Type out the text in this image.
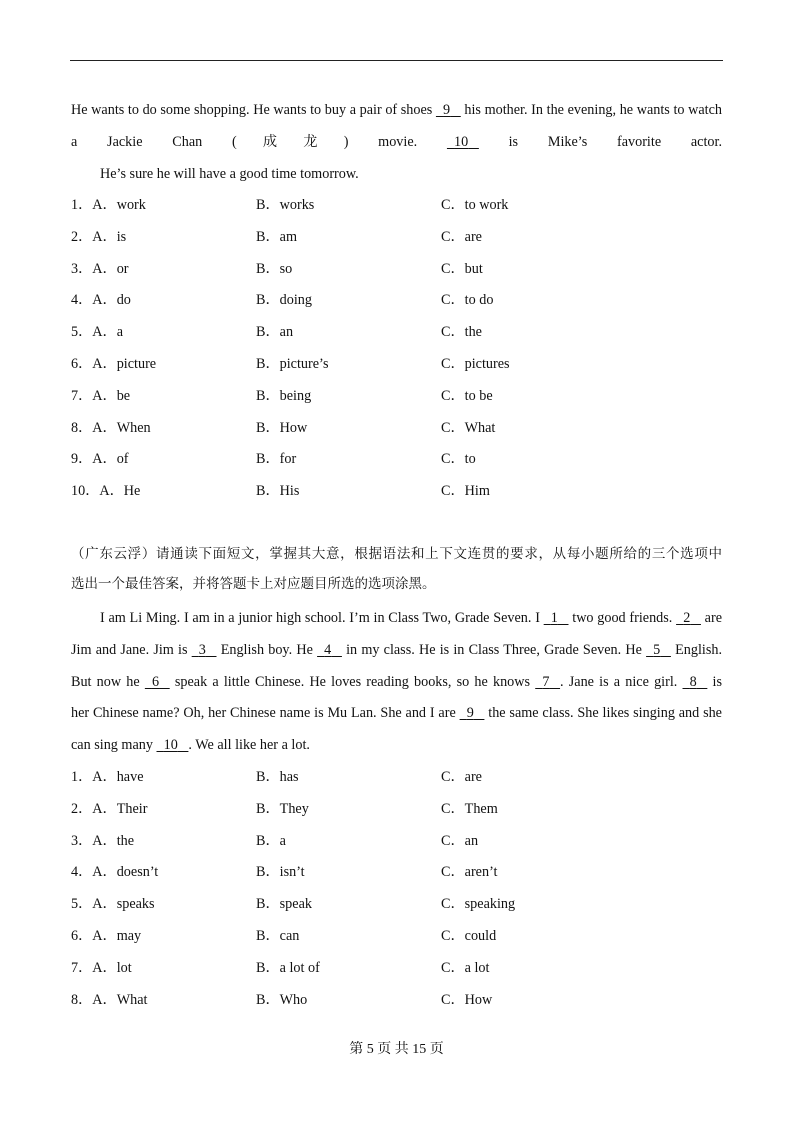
He wants to do some shopping. He wants to buy a pair of shoes   9    his mother. In the evening, he wants to watch
a Jackie Chan (成龙) movie.   10    is Mike’s favorite actor.
He’s sure he will have a good time tomorrow.
1．A．work	B．works	C．to work
2．A．is	B．am	C．are
3．A．or	B．so	C．but
4．A．do	B．doing	C．to do
5．A．a	B．an	C．the
6．A．picture	B．picture’s	C．pictures
7．A．be	B．being	C．to be
8．A．When	B．How	C．What
9．A．of	B．for	C．to
10．A．He	B．His	C．Him
（广东云浮）请通读下面短文，掌握其大意，根据语法和上下文连贯的要求，从每小题所给的三个选项中
选出一个最佳答案，并将答题卡上对应题目所选的选项涂黑。
I am Li Ming. I am in a junior high school. I’m in Class Two, Grade Seven. I   1    two good friends.   2    are
Jim and Jane. Jim is   3    English boy. He   4    in my class. He is in Class Three, Grade Seven. He   5    English.
But now he   6    speak a little Chinese. He loves reading books, so he knows   7 . Jane is a nice girl.   8    is
her Chinese name? Oh, her Chinese name is Mu Lan. She and I are   9    the same class. She likes singing and she
can sing many   10 . We all like her a lot.
1．A．have	B．has	C．are
2．A．Their	B．They	C．Them
3．A．the	B．a	C．an
4．A．doesn’t	B．isn’t	C．aren’t
5．A．speaks	B．speak	C．speaking
6．A．may	B．can	C．could
7．A．lot	B．a lot of	C．a lot
8．A．What	B．Who	C．How
第 5 页 共 15 页
